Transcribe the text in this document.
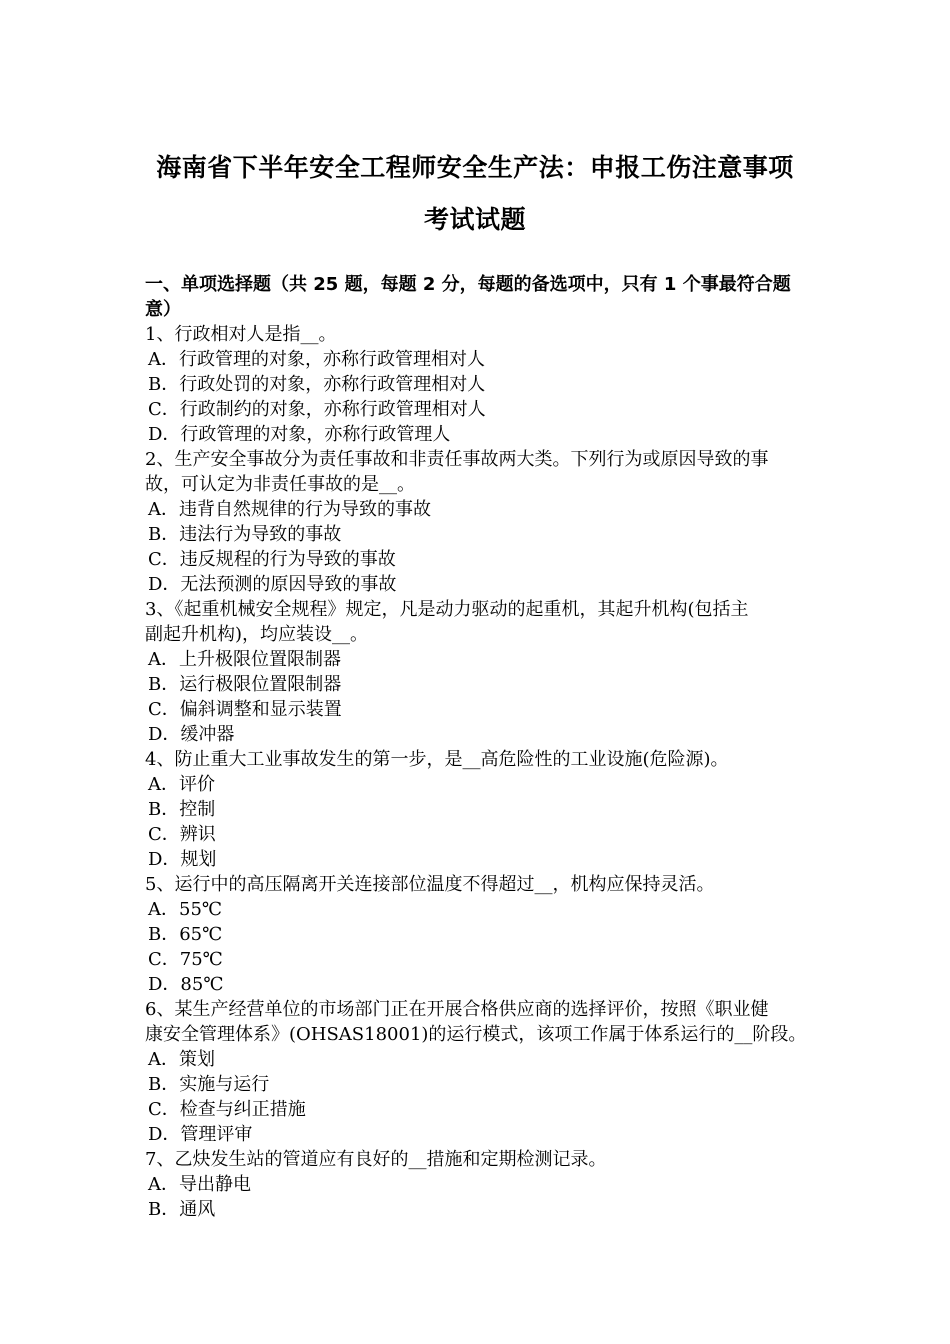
海南省下半年安全工程师安全生产法：申报工伤注意事项
考试试题
一、单项选择题（共 25 题，每题 2 分，每题的备选项中，只有 1 个事最符合题
意）
1、行政相对人是指__。
A．行政管理的对象，亦称行政管理相对人
B．行政处罚的对象，亦称行政管理相对人
C．行政制约的对象，亦称行政管理相对人
D．行政管理的对象，亦称行政管理人
2、生产安全事故分为责任事故和非责任事故两大类。下列行为或原因导致的事
故，可认定为非责任事故的是__。
A．违背自然规律的行为导致的事故
B．违法行为导致的事故
C．违反规程的行为导致的事故
D．无法预测的原因导致的事故
3、《起重机械安全规程》规定，凡是动力驱动的起重机，其起升机构(包括主
副起升机构)，均应装设__。
A．上升极限位置限制器
B．运行极限位置限制器
C．偏斜调整和显示装置
D．缓冲器
4、防止重大工业事故发生的第一步，是__高危险性的工业设施(危险源)。
A．评价
B．控制
C．辨识
D．规划
5、运行中的高压隔离开关连接部位温度不得超过__，机构应保持灵活。
A．55℃
B．65℃
C．75℃
D．85℃
6、某生产经营单位的市场部门正在开展合格供应商的选择评价，按照《职业健
康安全管理体系》(OHSAS18001)的运行模式，该项工作属于体系运行的__阶段。
A．策划
B．实施与运行
C．检查与纠正措施
D．管理评审
7、乙炔发生站的管道应有良好的__措施和定期检测记录。
A．导出静电
B．通风
